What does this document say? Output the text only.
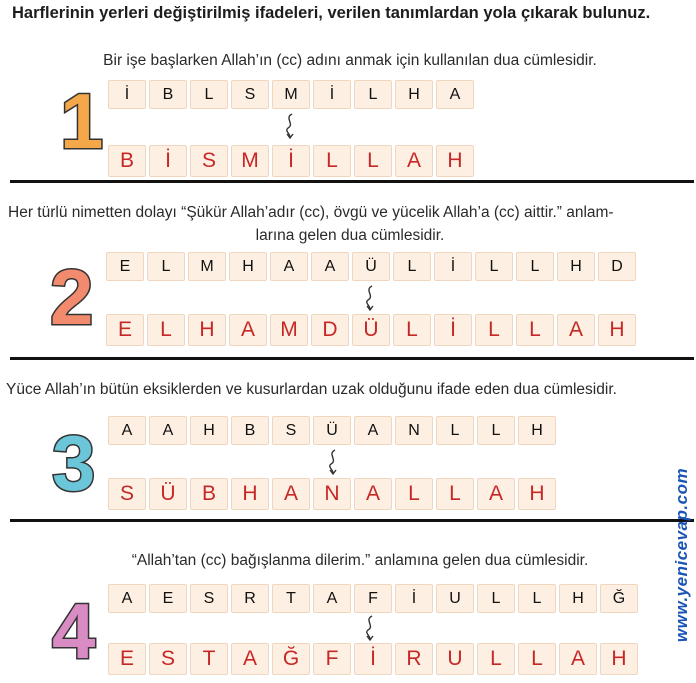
Harflerinin yerleri değiştirilmiş ifadeleri, verilen tanımlardan yola çıkarak bulunuz.
Bir işe başlarken Allah’ın (cc) adını anmak için kullanılan dua cümlesidir.
1	İ	B	L	S	M	İ	L	H	A
B	İ	S	M	İ	L	L	A	H
Her türlü nimetten dolayı “Şükür Allah’adır (cc), övgü ve yücelik Allah’a (cc) aittir.” anlam-
larına gelen dua cümlesidir.
2	E	L	M	H	A	A	Ü	L	İ	L	L	H	D
E	L	H	A	M	D	Ü	L	İ	L	L	A	H
Yüce Allah’ın bütün eksiklerden ve kusurlardan uzak olduğunu ifade eden dua cümlesidir.
3	A	A	H	B	S	Ü	A	N	L	L	H
S	Ü	B	H	A	N	A	L	L	A	H
“Allah’tan (cc) bağışlanma dilerim.” anlamına gelen dua cümlesidir.
4	A	E	S	R	T	A	F	İ	U	L	L	H	Ğ
E	S	T	A	Ğ	F	İ	R	U	L	L	A	H
www.yenicevap.com
